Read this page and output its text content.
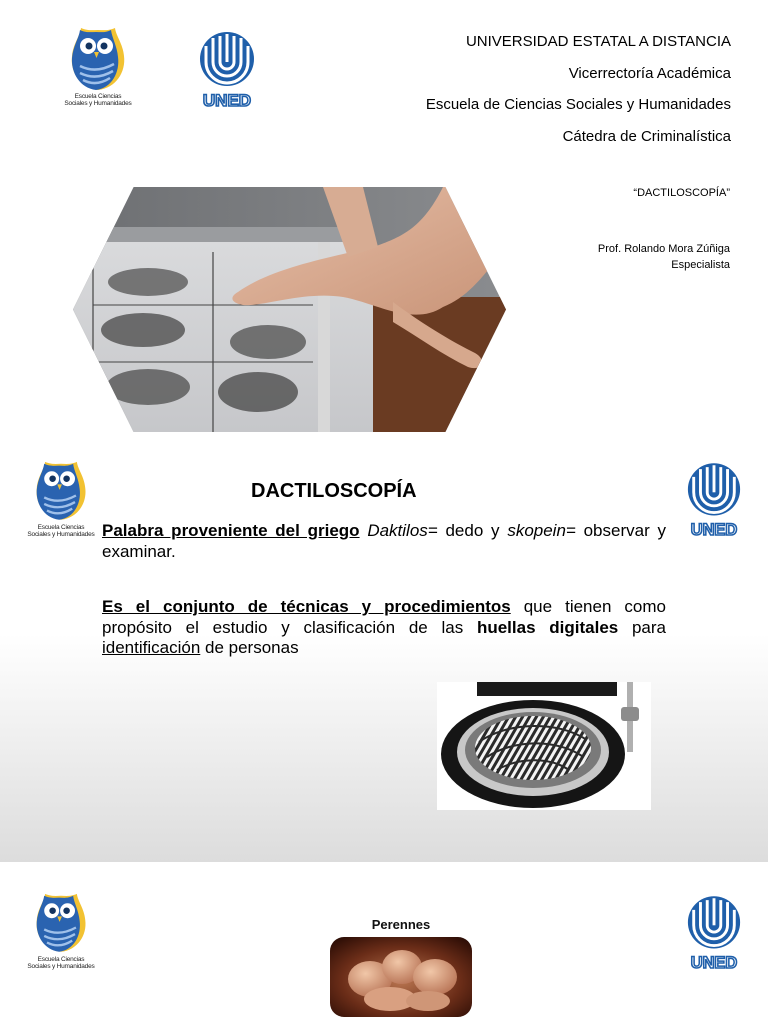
Escuela Ciencias
Sociales y Humanidades	UNED
UNIVERSIDAD ESTATAL A DISTANCIA
Vicerrectoría Académica
Escuela de Ciencias Sociales y Humanidades
Cátedra de Criminalística
“DACTILOSCOPÍA”
Prof. Rolando Mora Zúñiga
Especialista
Escuela Ciencias
Sociales y Humanidades	UNED
DACTILOSCOPÍA
Palabra proveniente del griego Daktilos= dedo y skopein= observar y examinar.
Es el conjunto de técnicas y procedimientos que tienen como propósito el estudio y clasificación de las huellas digitales para identificación de personas
Escuela Ciencias
Sociales y Humanidades	UNED
Perennes
